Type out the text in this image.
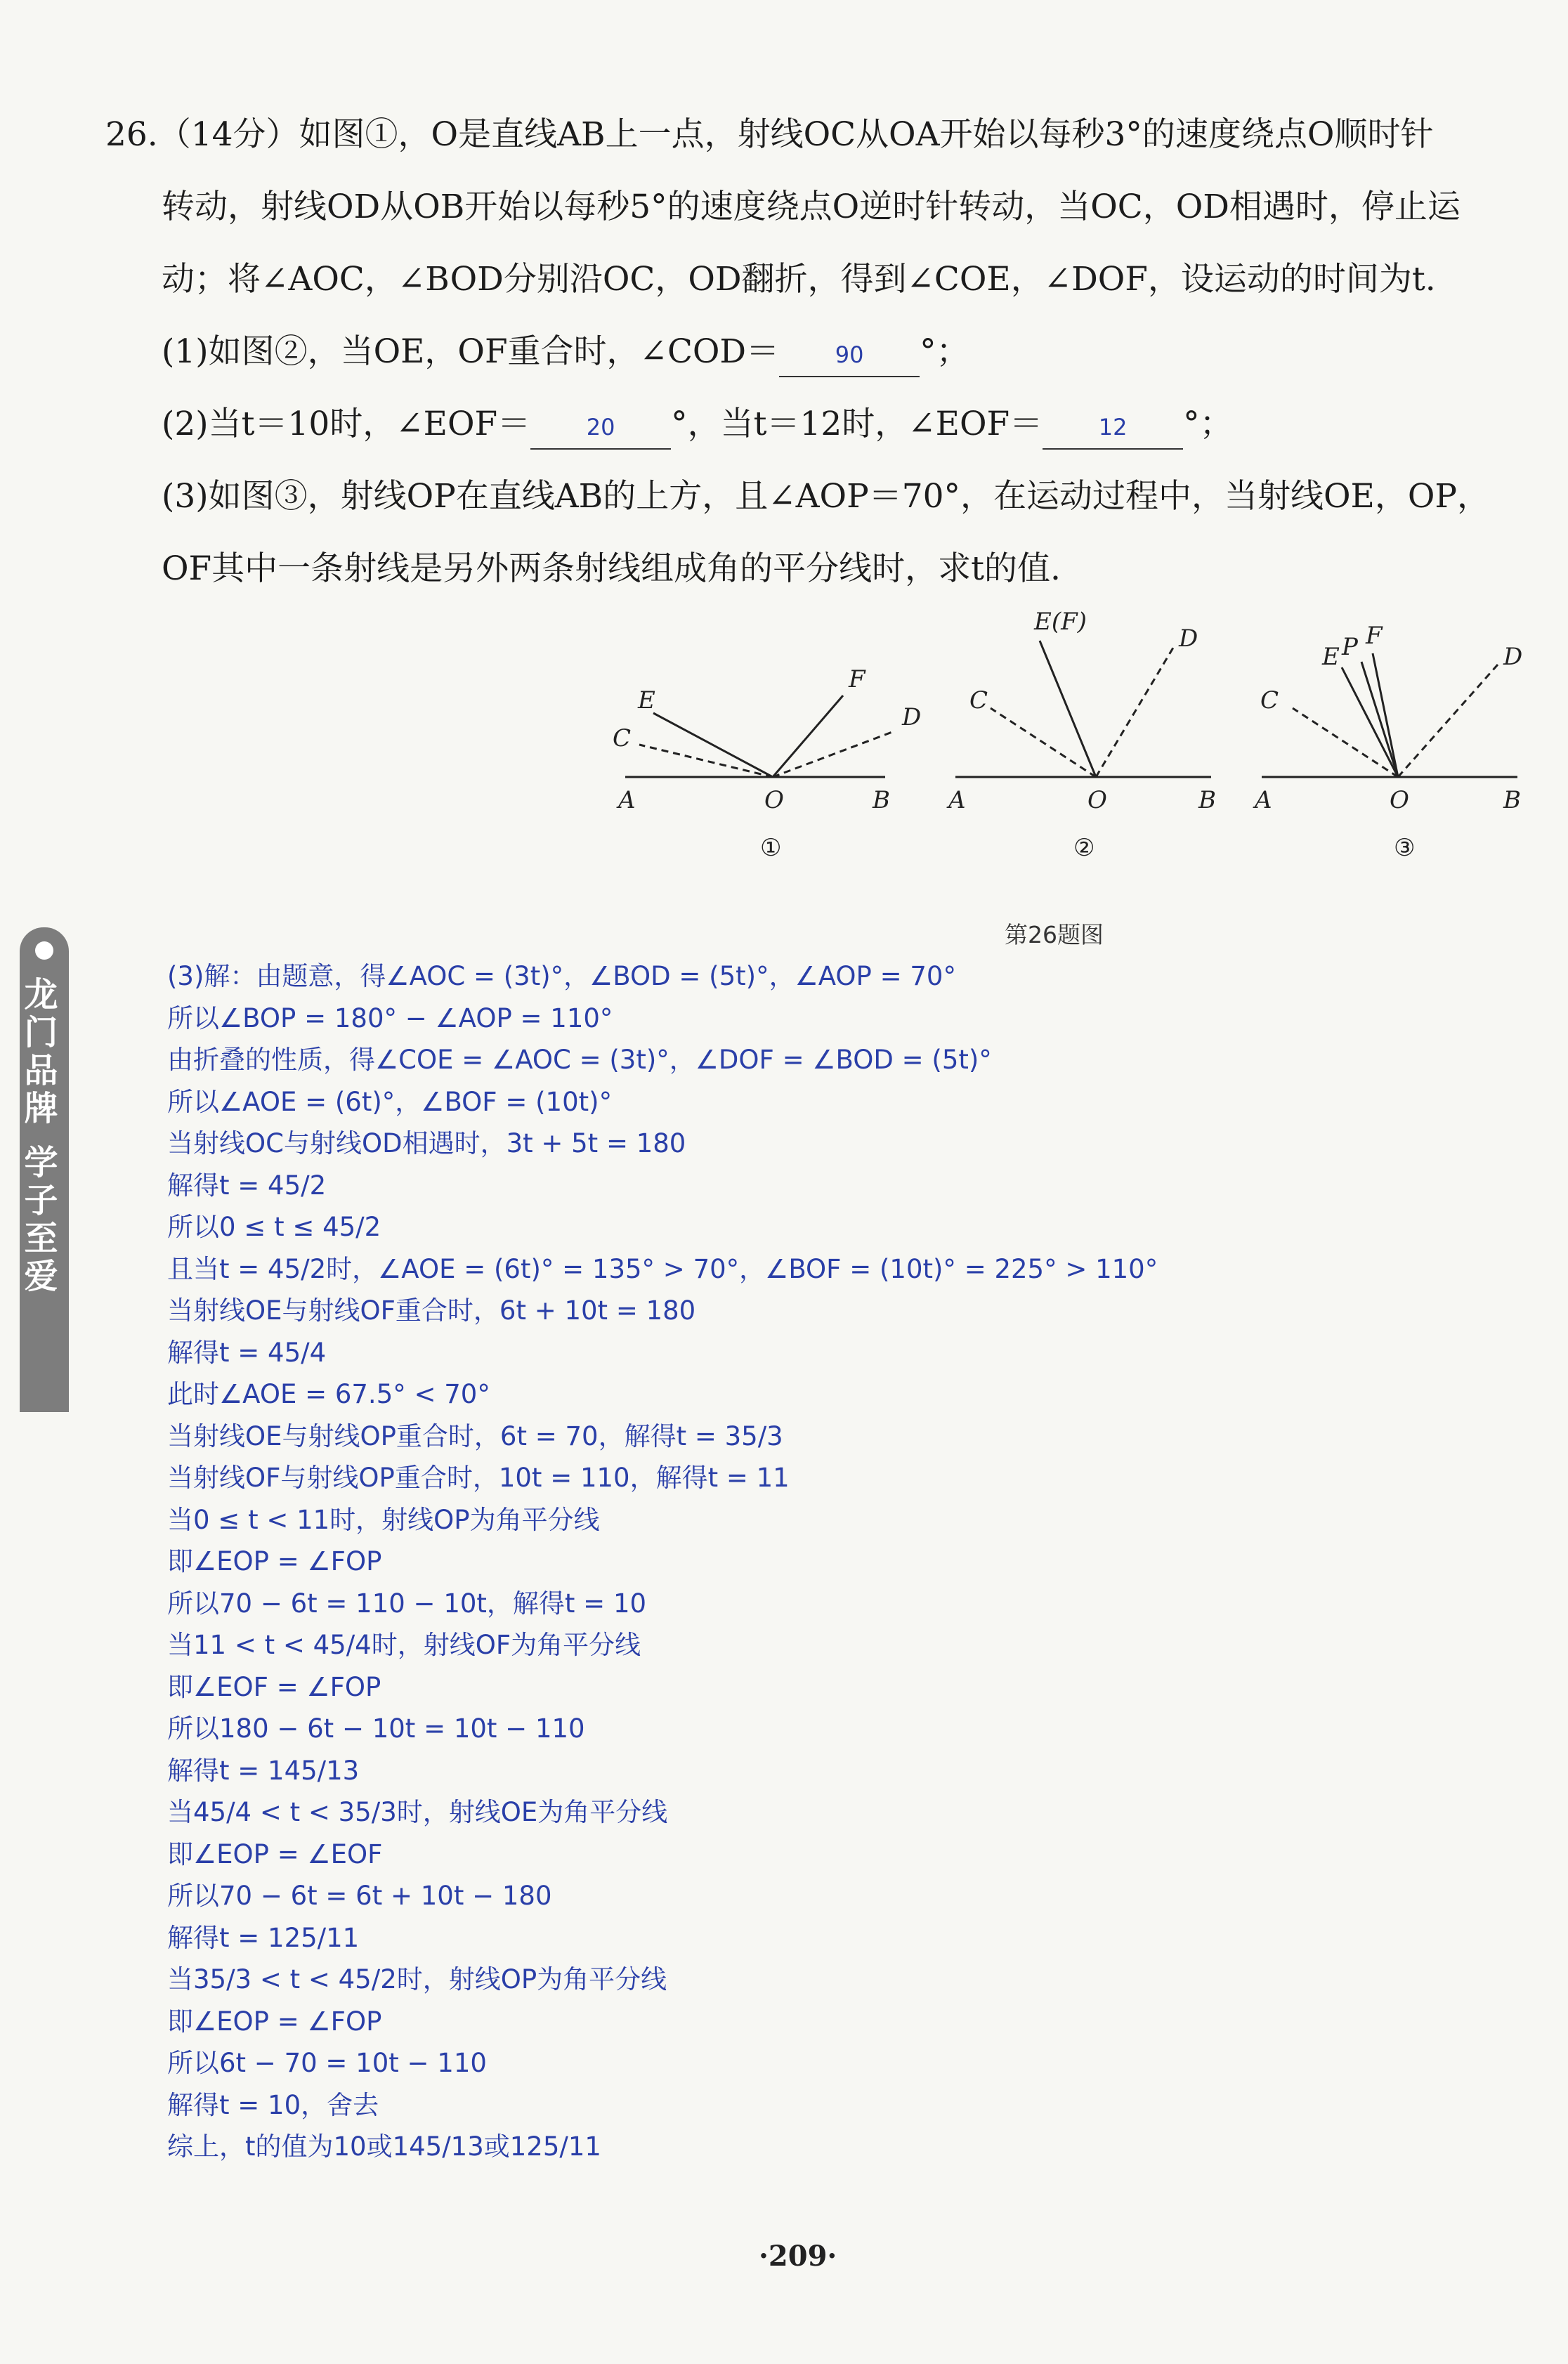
26.（14分）如图①，O是直线AB上一点，射线OC从OA开始以每秒3°的速度绕点O顺时针
转动，射线OD从OB开始以每秒5°的速度绕点O逆时针转动，当OC，OD相遇时，停止运
动；将∠AOC，∠BOD分别沿OC，OD翻折，得到∠COE，∠DOF，设运动的时间为t.
(1)如图②，当OE，OF重合时，∠COD＝ 90 °；
(2)当t＝10时，∠EOF＝ 20 °，当t＝12时，∠EOF＝ 12 °；
(3)如图③，射线OP在直线AB的上方，且∠AOP＝70°，在运动过程中，当射线OE，OP，
OF其中一条射线是另外两条射线组成角的平分线时，求t的值.
E
F
C
D
A	O	B
①
E(F)
D
C
A	O	B
②
E P F
D
C
A	O	B
③
第26题图
龙门品牌 学子至爱
(3)解：由题意，得∠AOC = (3t)°，∠BOD = (5t)°，∠AOP = 70°
所以∠BOP = 180° − ∠AOP = 110°
由折叠的性质，得∠COE = ∠AOC = (3t)°，∠DOF = ∠BOD = (5t)°
所以∠AOE = (6t)°，∠BOF = (10t)°
当射线OC与射线OD相遇时，3t + 5t = 180
解得t = 45/2
所以0 ≤ t ≤ 45/2
且当t = 45/2时，∠AOE = (6t)° = 135° > 70°，∠BOF = (10t)° = 225° > 110°
当射线OE与射线OF重合时，6t + 10t = 180
解得t = 45/4
此时∠AOE = 67.5° < 70°
当射线OE与射线OP重合时，6t = 70，解得t = 35/3
当射线OF与射线OP重合时，10t = 110，解得t = 11
当0 ≤ t < 11时，射线OP为角平分线
即∠EOP = ∠FOP
所以70 − 6t = 110 − 10t，解得t = 10
当11 < t < 45/4时，射线OF为角平分线
即∠EOF = ∠FOP
所以180 − 6t − 10t = 10t − 110
解得t = 145/13
当45/4 < t < 35/3时，射线OE为角平分线
即∠EOP = ∠EOF
所以70 − 6t = 6t + 10t − 180
解得t = 125/11
当35/3 < t < 45/2时，射线OP为角平分线
即∠EOP = ∠FOP
所以6t − 70 = 10t − 110
解得t = 10，舍去
综上，t的值为10或145/13或125/11
·209·
